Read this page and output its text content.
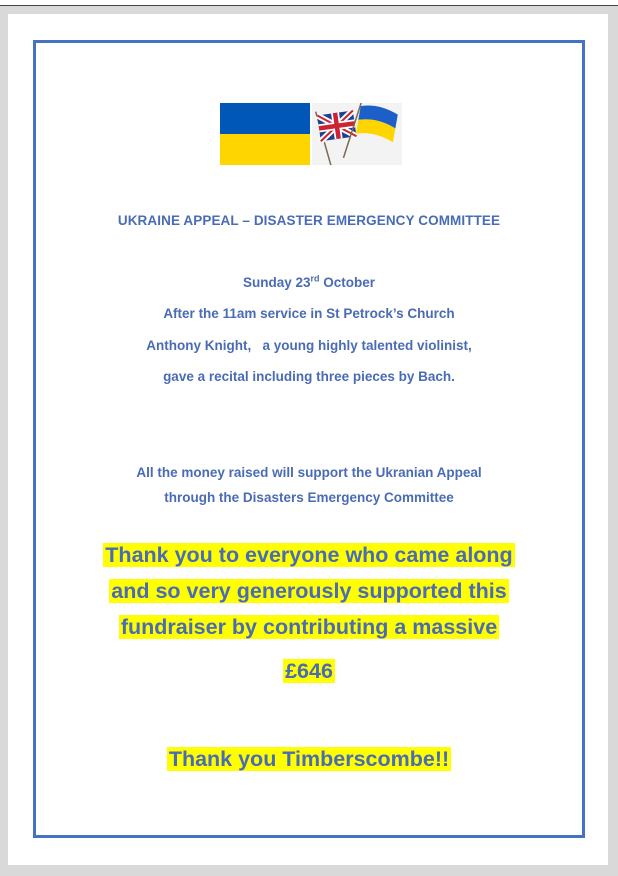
UKRAINE APPEAL – DISASTER EMERGENCY COMMITTEE
Sunday 23rd October
After the 11am service in St Petrock’s Church
Anthony Knight,   a young highly talented violinist,
gave a recital including three pieces by Bach.
All the money raised will support the Ukranian Appeal
through the Disasters Emergency Committee
Thank you to everyone who came along
and so very generously supported this
fundraiser by contributing a massive
£646
Thank you Timberscombe!!
